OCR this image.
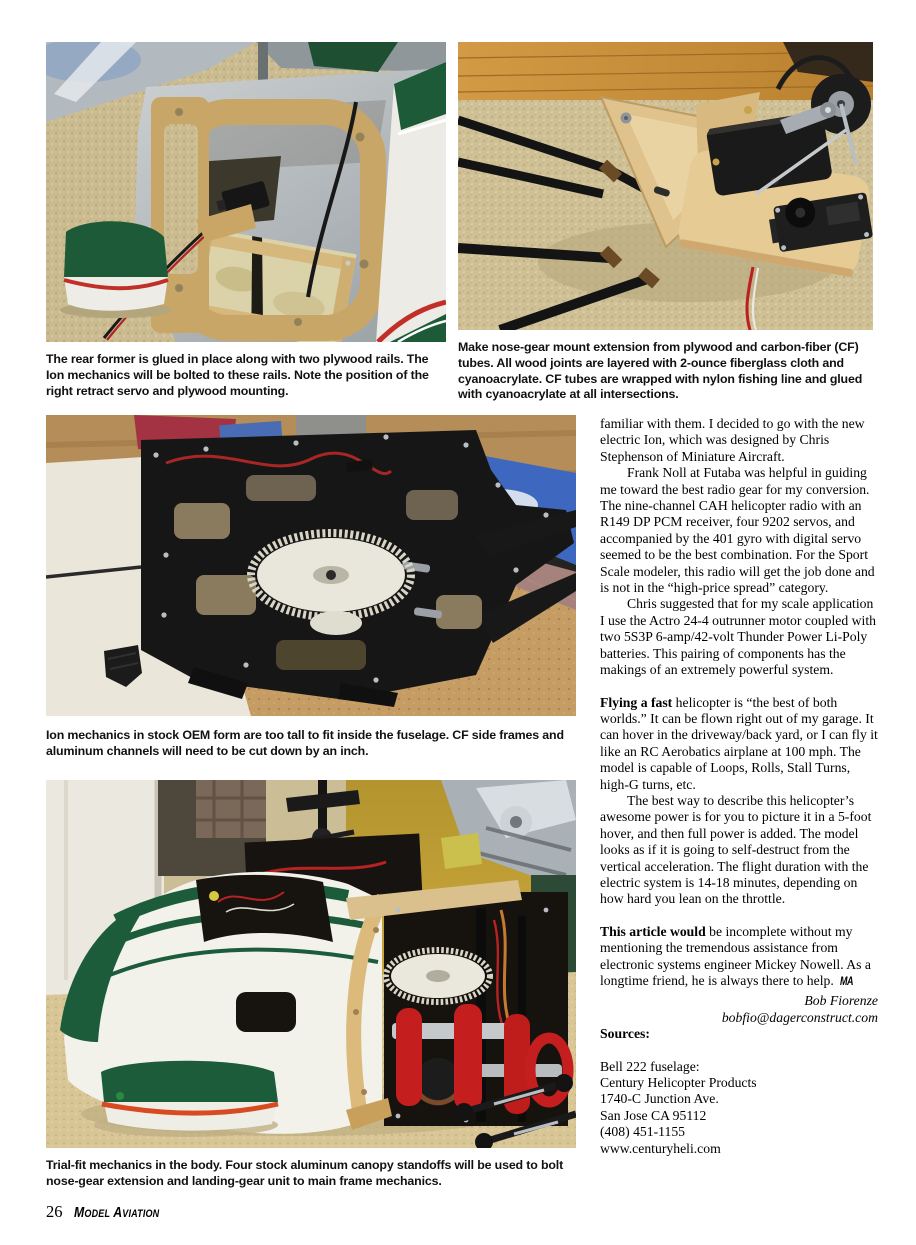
The rear former is glued in place along with two plywood rails. The Ion mechanics will be bolted to these rails. Note the position of the right retract servo and plywood mounting.
Make nose-gear mount extension from plywood and carbon-fiber (CF) tubes. All wood joints are layered with 2-ounce fiberglass cloth and cyanoacrylate. CF tubes are wrapped with nylon fishing line and glued with cyanoacrylate at all intersections.
Ion mechanics in stock OEM form are too tall to fit inside the fuselage. CF side frames and aluminum channels will need to be cut down by an inch.
Trial-fit mechanics in the body. Four stock aluminum canopy standoffs will be used to bolt nose-gear extension and landing-gear unit to main frame mechanics.

familiar with them. I decided to go with the new electric Ion, which was designed by Chris Stephenson of Miniature Aircraft.

Frank Noll at Futaba was helpful in guiding me toward the best radio gear for my conversion. The nine-channel CAH helicopter radio with an R149 DP PCM receiver, four 9202 servos, and accompanied by the 401 gyro with digital servo seemed to be the best combination. For the Sport Scale modeler, this radio will get the job done and is not in the “high-price spread” category.

Chris suggested that for my scale application I use the Actro 24-4 outrunner motor coupled with two 5S3P 6-amp/42-volt Thunder Power Li-Poly batteries. This pairing of components has the makings of an extremely powerful system.

Flying a fast helicopter is “the best of both worlds.” It can be flown right out of my garage. It can hover in the driveway/back yard, or I can fly it like an RC Aerobatics airplane at 100 mph. The model is capable of Loops, Rolls, Stall Turns, high-G turns, etc.

The best way to describe this helicopter’s awesome power is for you to picture it in a 5-foot hover, and then full power is added. The model looks as if it is going to self-destruct from the vertical acceleration. The flight duration with the electric system is 14-18 minutes, depending on how hard you lean on the throttle.

This article would be incomplete without my mentioning the tremendous assistance from electronic systems engineer Mickey Nowell. As a longtime friend, he is always there to help. MA

Bob Fiorenze
bobfio@dagerconstruct.com

Sources:

Bell 222 fuselage:
Century Helicopter Products
1740-C Junction Ave.
San Jose CA 95112
(408) 451-1155
www.centuryheli.com
26 Model Aviation
